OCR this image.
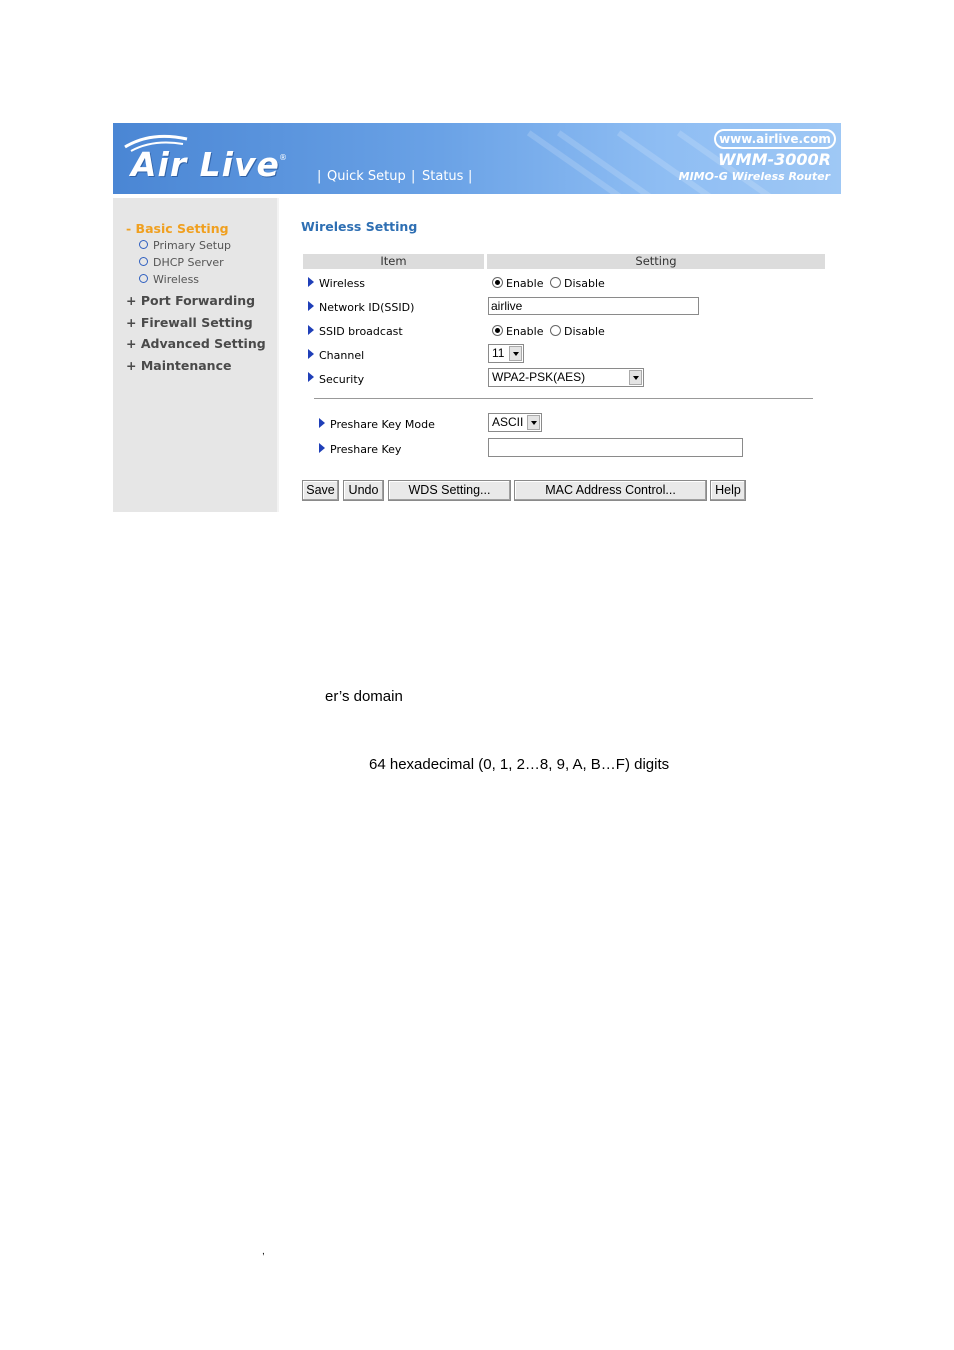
Air Live ®
| Quick Setup | Status |
www.airlive.com
WMM-3000R
MIMO-G Wireless Router
- Basic Setting
Primary Setup
DHCP Server
Wireless
+ Port Forwarding
+ Firewall Setting
+ Advanced Setting
+ Maintenance
Wireless Setting
Item	Setting
Wireless	Enable Disable
Network ID(SSID)	airlive
SSID broadcast	Enable Disable
Channel	11
Security	WPA2-PSK(AES)
Preshare Key Mode	ASCII
Preshare Key
Save	Undo	WDS Setting...	MAC Address Control...	Help
er’s domain
64 hexadecimal (0, 1, 2…8, 9, A, B…F) digits
,
